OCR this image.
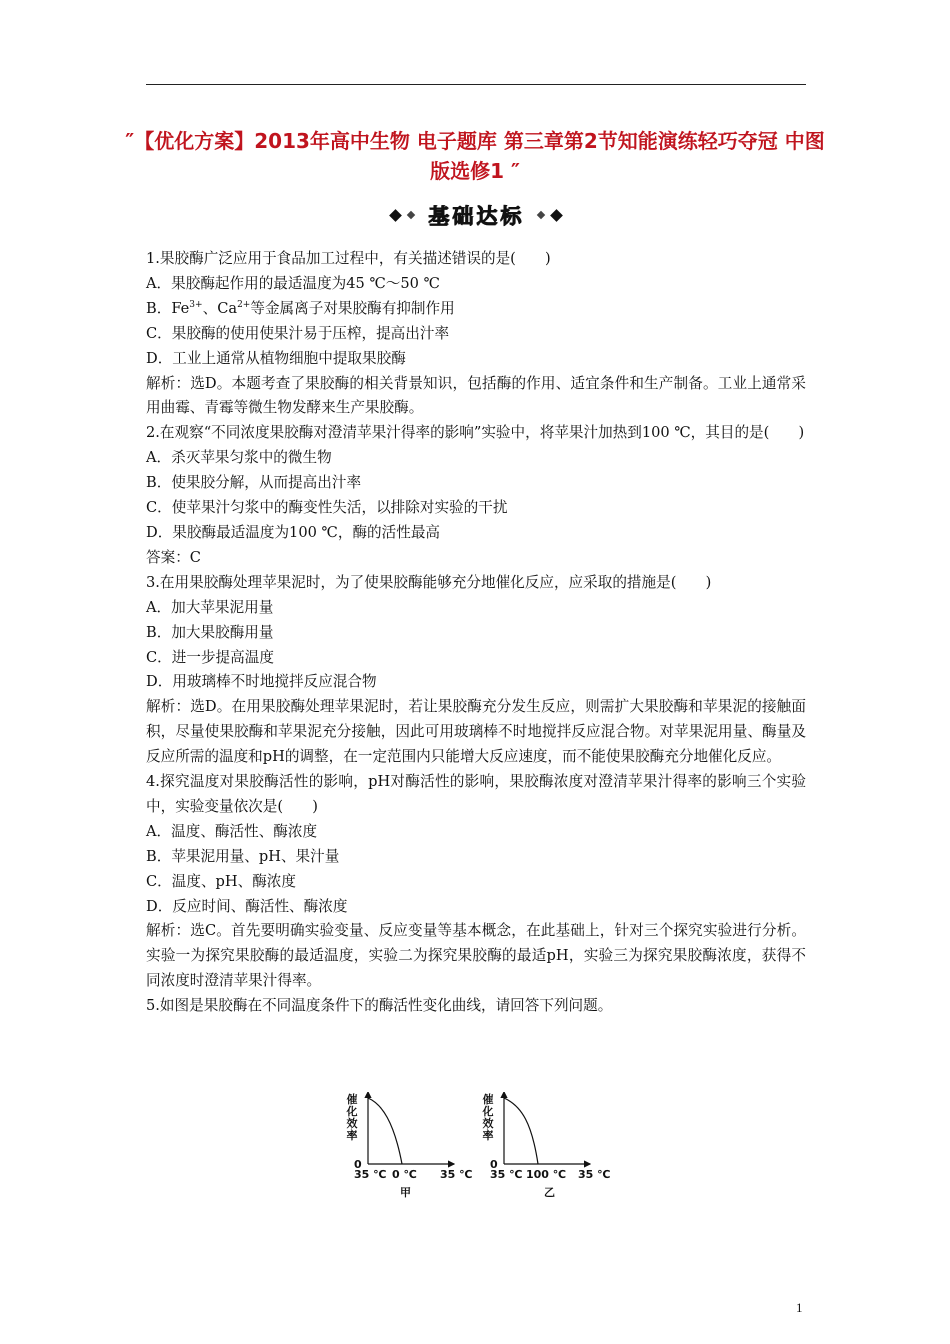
″【优化方案】2013年高中生物 电子题库 第三章第2节知能演练轻巧夺冠 中图版选修1 ″
基础达标

1.果胶酶广泛应用于食品加工过程中，有关描述错误的是(　　)

A．果胶酶起作用的最适温度为45 ℃～50 ℃

B．$Fe^{3+}$、$Ca^{2+}$等金属离子对果胶酶有抑制作用

C．果胶酶的使用使果汁易于压榨，提高出汁率

D．工业上通常从植物细胞中提取果胶酶

解析：选D。本题考查了果胶酶的相关背景知识，包括酶的作用、适宜条件和生产制备。工业上通常采用曲霉、青霉等微生物发酵来生产果胶酶。

2.在观察“不同浓度果胶酶对澄清苹果汁得率的影响”实验中，将苹果汁加热到100 ℃，其目的是(　　)

A．杀灭苹果匀浆中的微生物

B．使果胶分解，从而提高出汁率

C．使苹果汁匀浆中的酶变性失活，以排除对实验的干扰

D．果胶酶最适温度为100 ℃，酶的活性最高

答案：C

3.在用果胶酶处理苹果泥时，为了使果胶酶能够充分地催化反应，应采取的措施是(　　)

A．加大苹果泥用量

B．加大果胶酶用量

C．进一步提高温度

D．用玻璃棒不时地搅拌反应混合物

解析：选D。在用果胶酶处理苹果泥时，若让果胶酶充分发生反应，则需扩大果胶酶和苹果泥的接触面积，尽量使果胶酶和苹果泥充分接触，因此可用玻璃棒不时地搅拌反应混合物。对苹果泥用量、酶量及反应所需的温度和pH的调整，在一定范围内只能增大反应速度，而不能使果胶酶充分地催化反应。

4.探究温度对果胶酶活性的影响，pH对酶活性的影响，果胶酶浓度对澄清苹果汁得率的影响三个实验中，实验变量依次是(　　)

A．温度、酶活性、酶浓度

B．苹果泥用量、pH、果汁量

C．温度、pH、酶浓度

D．反应时间、酶活性、酶浓度

解析：选C。首先要明确实验变量、反应变量等基本概念，在此基础上，针对三个探究实验进行分析。实验一为探究果胶酶的最适温度，实验二为探究果胶酶的最适pH，实验三为探究果胶酶浓度，获得不同浓度时澄清苹果汁得率。

5.如图是果胶酶在不同温度条件下的酶活性变化曲线，请回答下列问题。

催化效率
0
35 ℃ 0 ℃ 35 ℃
甲
催化效率
0
35 ℃ 100 ℃ 35 ℃
乙
1
